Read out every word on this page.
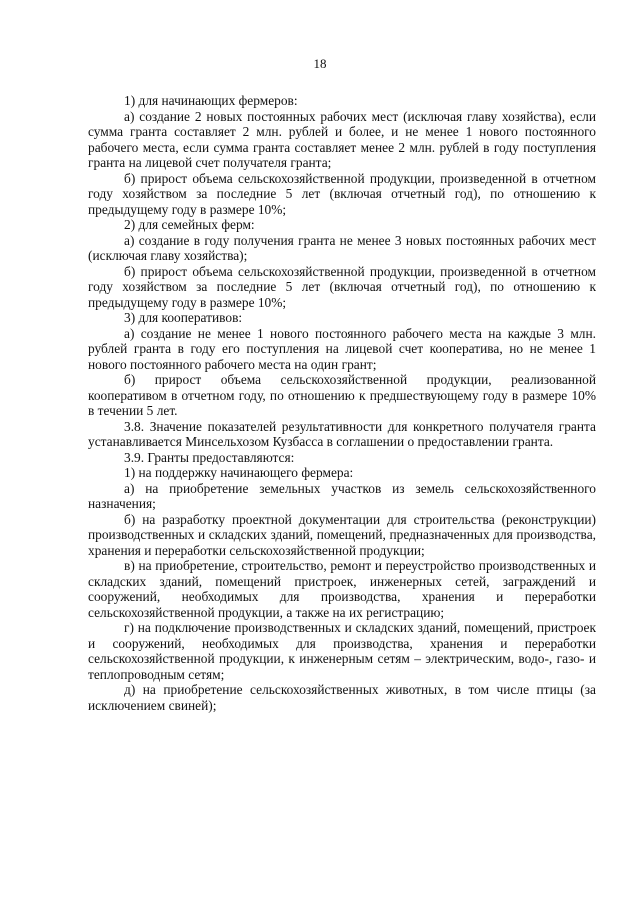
18

1) для начинающих фермеров:

а) создание 2 новых постоянных рабочих мест (исключая главу хозяйства), если сумма гранта составляет 2 млн. рублей и более, и не менее 1 нового постоянного рабочего места, если сумма гранта составляет менее 2 млн. рублей в году поступления гранта на лицевой счет получателя гранта;

б) прирост объема сельскохозяйственной продукции, произведенной в отчетном году хозяйством за последние 5 лет (включая отчетный год), по отношению к предыдущему году в размере 10%;

2) для семейных ферм:

а) создание в году получения гранта не менее 3 новых постоянных рабочих мест (исключая главу хозяйства);

б) прирост объема сельскохозяйственной продукции, произведенной в отчетном году хозяйством за последние 5 лет (включая отчетный год), по отношению к предыдущему году в размере 10%;

3) для кооперативов:

а) создание не менее 1 нового постоянного рабочего места на каждые 3 млн. рублей гранта в году его поступления на лицевой счет кооператива, но не менее 1 нового постоянного рабочего места на один грант;

б) прирост объема сельскохозяйственной продукции, реализованной кооперативом в отчетном году, по отношению к предшествующему году в размере 10% в течении 5 лет.

3.8. Значение показателей результативности для конкретного получателя гранта устанавливается Минсельхозом Кузбасса в соглашении о предоставлении гранта.

3.9. Гранты предоставляются:

1) на поддержку начинающего фермера:

а) на приобретение земельных участков из земель сельскохозяйственного назначения;

б) на разработку проектной документации для строительства (реконструкции) производственных и складских зданий, помещений, предназначенных для производства, хранения и переработки сельскохозяйственной продукции;

в) на приобретение, строительство, ремонт и переустройство производственных и складских зданий, помещений пристроек, инженерных сетей, заграждений и сооружений, необходимых для производства, хранения и переработки сельскохозяйственной продукции, а также на их регистрацию;

г) на подключение производственных и складских зданий, помещений, пристроек и сооружений, необходимых для производства, хранения и переработки сельскохозяйственной продукции, к инженерным сетям – электрическим, водо-, газо- и теплопроводным сетям;

д) на приобретение сельскохозяйственных животных, в том числе птицы (за исключением свиней);
